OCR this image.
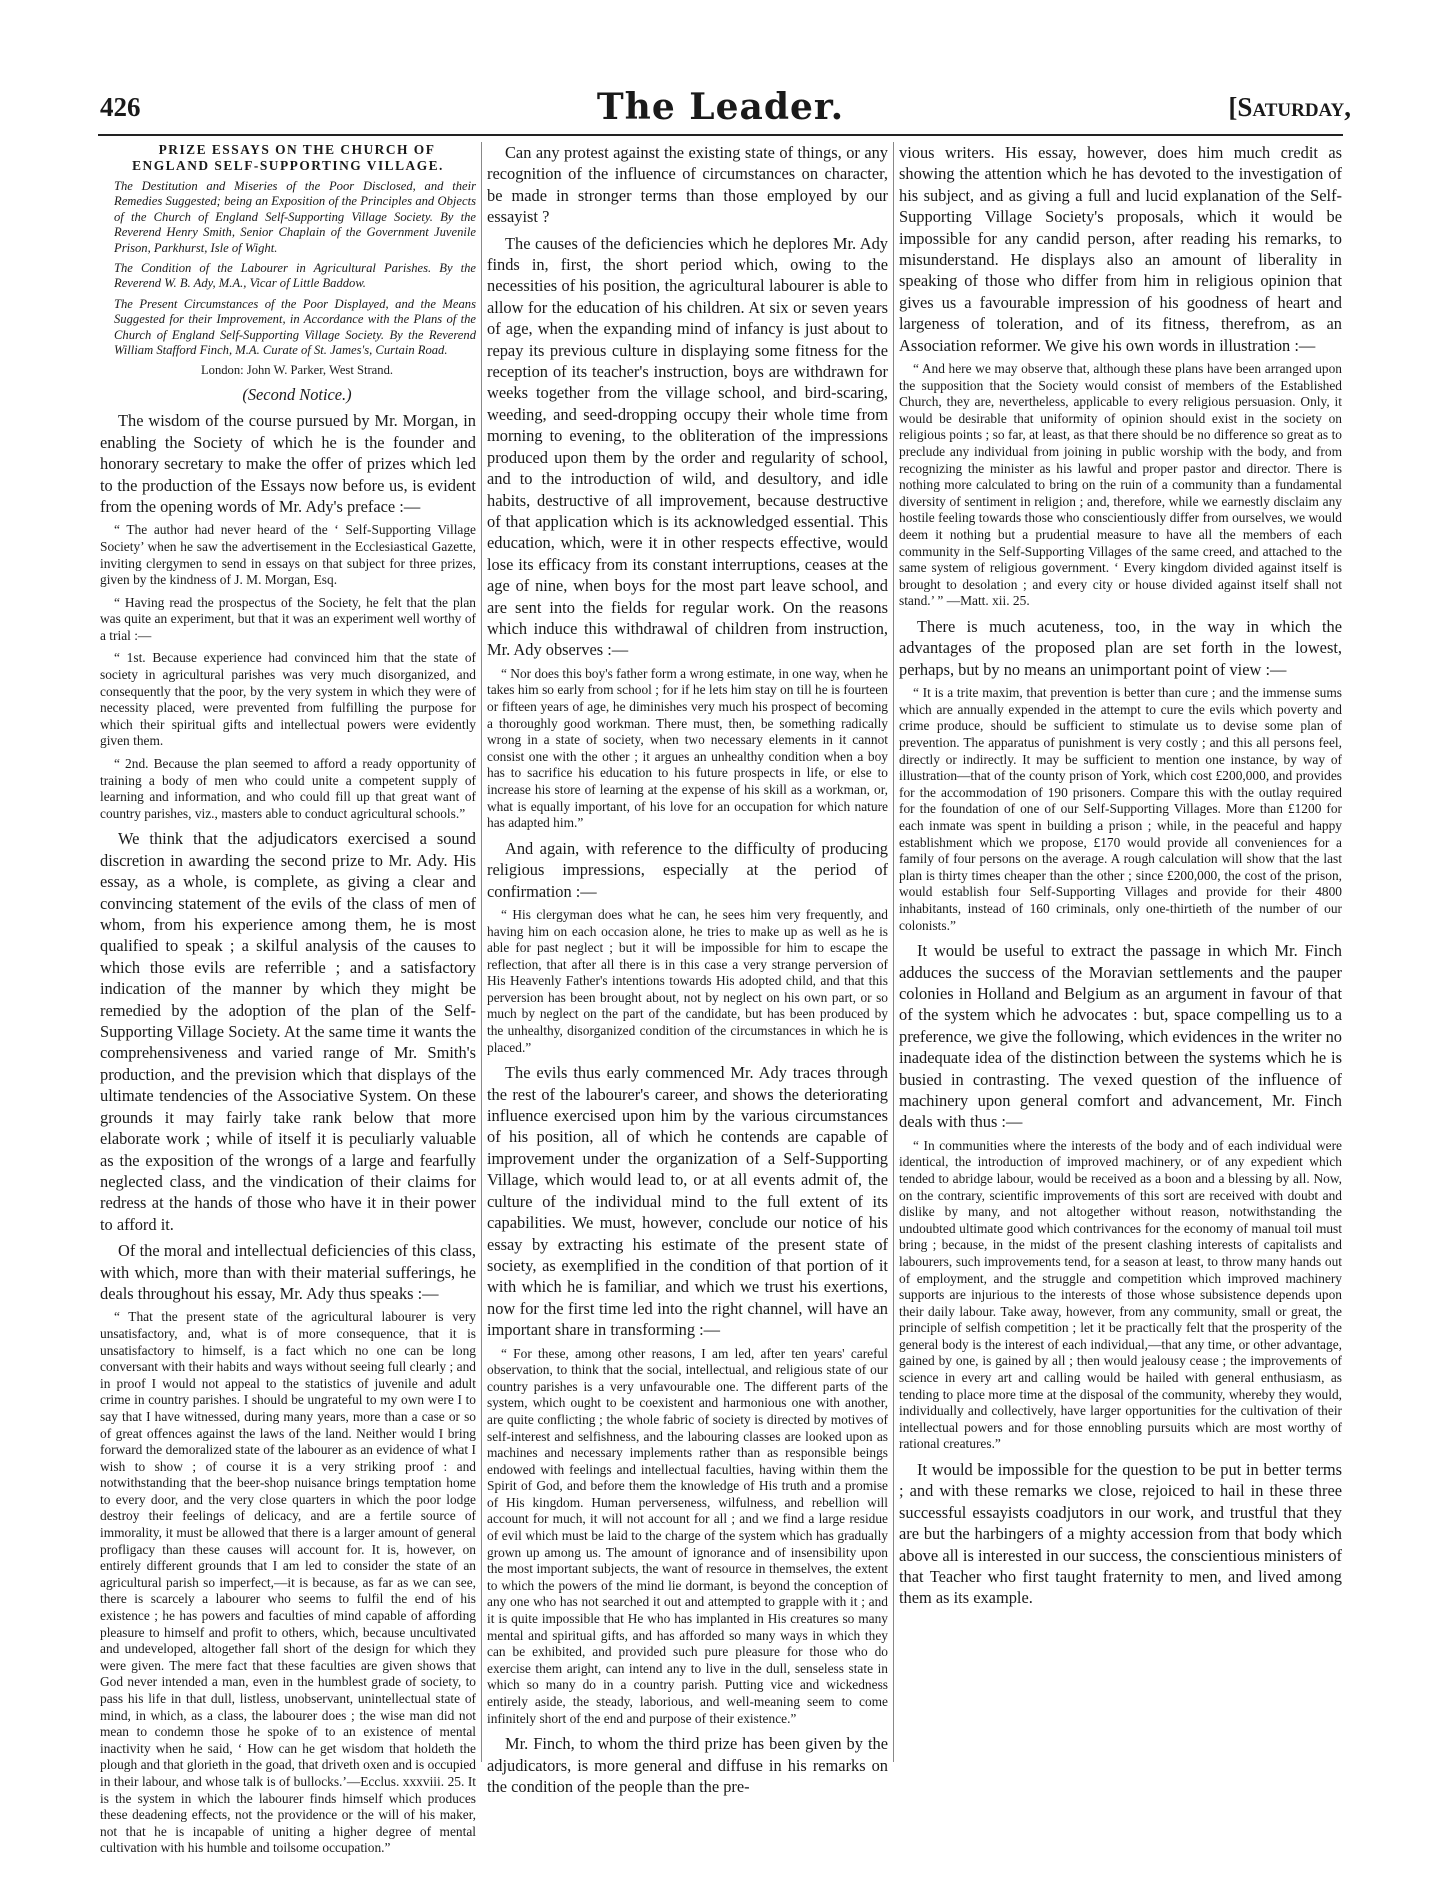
426	The Leader.	[Saturday,

PRIZE ESSAYS ON THE CHURCH OF ENGLAND SELF-SUPPORTING VILLAGE.

The Destitution and Miseries of the Poor Disclosed, and their Remedies Suggested; being an Exposition of the Principles and Objects of the Church of England Self-Supporting Village Society. By the Reverend Henry Smith, Senior Chaplain of the Government Juvenile Prison, Parkhurst, Isle of Wight.

The Condition of the Labourer in Agricultural Parishes. By the Reverend W. B. Ady, M.A., Vicar of Little Baddow.

The Present Circumstances of the Poor Displayed, and the Means Suggested for their Improvement, in Accordance with the Plans of the Church of England Self-Supporting Village Society. By the Reverend William Stafford Finch, M.A. Curate of St. James's, Curtain Road.

London: John W. Parker, West Strand.

(Second Notice.)

The wisdom of the course pursued by Mr. Morgan, in enabling the Society of which he is the founder and honorary secretary to make the offer of prizes which led to the production of the Essays now before us, is evident from the opening words of Mr. Ady's preface :—

“ The author had never heard of the ‘ Self-Supporting Village Society’ when he saw the advertisement in the Ecclesiastical Gazette, inviting clergymen to send in essays on that subject for three prizes, given by the kindness of J. M. Morgan, Esq.

“ Having read the prospectus of the Society, he felt that the plan was quite an experiment, but that it was an experiment well worthy of a trial :—

“ 1st. Because experience had convinced him that the state of society in agricultural parishes was very much disorganized, and consequently that the poor, by the very system in which they were of necessity placed, were prevented from fulfilling the purpose for which their spiritual gifts and intellectual powers were evidently given them.

“ 2nd. Because the plan seemed to afford a ready opportunity of training a body of men who could unite a competent supply of learning and information, and who could fill up that great want of country parishes, viz., masters able to conduct agricultural schools.”

We think that the adjudicators exercised a sound discretion in awarding the second prize to Mr. Ady. His essay, as a whole, is complete, as giving a clear and convincing statement of the evils of the class of men of whom, from his experience among them, he is most qualified to speak ; a skilful analysis of the causes to which those evils are referrible ; and a satisfactory indication of the manner by which they might be remedied by the adoption of the plan of the Self-Supporting Village Society. At the same time it wants the comprehensiveness and varied range of Mr. Smith's production, and the prevision which that displays of the ultimate tendencies of the Associative System. On these grounds it may fairly take rank below that more elaborate work ; while of itself it is peculiarly valuable as the exposition of the wrongs of a large and fearfully neglected class, and the vindication of their claims for redress at the hands of those who have it in their power to afford it.

Of the moral and intellectual deficiencies of this class, with which, more than with their material sufferings, he deals throughout his essay, Mr. Ady thus speaks :—

“ That the present state of the agricultural labourer is very unsatisfactory, and, what is of more consequence, that it is unsatisfactory to himself, is a fact which no one can be long conversant with their habits and ways without seeing full clearly ; and in proof I would not appeal to the statistics of juvenile and adult crime in country parishes. I should be ungrateful to my own were I to say that I have witnessed, during many years, more than a case or so of great offences against the laws of the land. Neither would I bring forward the demoralized state of the labourer as an evidence of what I wish to show ; of course it is a very striking proof : and notwithstanding that the beer-shop nuisance brings temptation home to every door, and the very close quarters in which the poor lodge destroy their feelings of delicacy, and are a fertile source of immorality, it must be allowed that there is a larger amount of general profligacy than these causes will account for. It is, however, on entirely different grounds that I am led to consider the state of an agricultural parish so imperfect,—it is because, as far as we can see, there is scarcely a labourer who seems to fulfil the end of his existence ; he has powers and faculties of mind capable of affording pleasure to himself and profit to others, which, because uncultivated and undeveloped, altogether fall short of the design for which they were given. The mere fact that these faculties are given shows that God never intended a man, even in the humblest grade of society, to pass his life in that dull, listless, unobservant, unintellectual state of mind, in which, as a class, the labourer does ; the wise man did not mean to condemn those he spoke of to an existence of mental inactivity when he said, ‘ How can he get wisdom that holdeth the plough and that glorieth in the goad, that driveth oxen and is occupied in their labour, and whose talk is of bullocks.’—Ecclus. xxxviii. 25. It is the system in which the labourer finds himself which produces these deadening effects, not the providence or the will of his maker, not that he is incapable of uniting a higher degree of mental cultivation with his humble and toilsome occupation.”

Can any protest against the existing state of things, or any recognition of the influence of circumstances on character, be made in stronger terms than those employed by our essayist ?

The causes of the deficiencies which he deplores Mr. Ady finds in, first, the short period which, owing to the necessities of his position, the agricultural labourer is able to allow for the education of his children. At six or seven years of age, when the expanding mind of infancy is just about to repay its previous culture in displaying some fitness for the reception of its teacher's instruction, boys are withdrawn for weeks together from the village school, and bird-scaring, weeding, and seed-dropping occupy their whole time from morning to evening, to the obliteration of the impressions produced upon them by the order and regularity of school, and to the introduction of wild, and desultory, and idle habits, destructive of all improvement, because destructive of that application which is its acknowledged essential. This education, which, were it in other respects effective, would lose its efficacy from its constant interruptions, ceases at the age of nine, when boys for the most part leave school, and are sent into the fields for regular work. On the reasons which induce this withdrawal of children from instruction, Mr. Ady observes :—

“ Nor does this boy's father form a wrong estimate, in one way, when he takes him so early from school ; for if he lets him stay on till he is fourteen or fifteen years of age, he diminishes very much his prospect of becoming a thoroughly good workman. There must, then, be something radically wrong in a state of society, when two necessary elements in it cannot consist one with the other ; it argues an unhealthy condition when a boy has to sacrifice his education to his future prospects in life, or else to increase his store of learning at the expense of his skill as a workman, or, what is equally important, of his love for an occupation for which nature has adapted him.”

And again, with reference to the difficulty of producing religious impressions, especially at the period of confirmation :—

“ His clergyman does what he can, he sees him very frequently, and having him on each occasion alone, he tries to make up as well as he is able for past neglect ; but it will be impossible for him to escape the reflection, that after all there is in this case a very strange perversion of His Heavenly Father's intentions towards His adopted child, and that this perversion has been brought about, not by neglect on his own part, or so much by neglect on the part of the candidate, but has been produced by the unhealthy, disorganized condition of the circumstances in which he is placed.”

The evils thus early commenced Mr. Ady traces through the rest of the labourer's career, and shows the deteriorating influence exercised upon him by the various circumstances of his position, all of which he contends are capable of improvement under the organization of a Self-Supporting Village, which would lead to, or at all events admit of, the culture of the individual mind to the full extent of its capabilities. We must, however, conclude our notice of his essay by extracting his estimate of the present state of society, as exemplified in the condition of that portion of it with which he is familiar, and which we trust his exertions, now for the first time led into the right channel, will have an important share in transforming :—

“ For these, among other reasons, I am led, after ten years' careful observation, to think that the social, intellectual, and religious state of our country parishes is a very unfavourable one. The different parts of the system, which ought to be coexistent and harmonious one with another, are quite conflicting ; the whole fabric of society is directed by motives of self-interest and selfishness, and the labouring classes are looked upon as machines and necessary implements rather than as responsible beings endowed with feelings and intellectual faculties, having within them the Spirit of God, and before them the knowledge of His truth and a promise of His kingdom. Human perverseness, wilfulness, and rebellion will account for much, it will not account for all ; and we find a large residue of evil which must be laid to the charge of the system which has gradually grown up among us. The amount of ignorance and of insensibility upon the most important subjects, the want of resource in themselves, the extent to which the powers of the mind lie dormant, is beyond the conception of any one who has not searched it out and attempted to grapple with it ; and it is quite impossible that He who has implanted in His creatures so many mental and spiritual gifts, and has afforded so many ways in which they can be exhibited, and provided such pure pleasure for those who do exercise them aright, can intend any to live in the dull, senseless state in which so many do in a country parish. Putting vice and wickedness entirely aside, the steady, laborious, and well-meaning seem to come infinitely short of the end and purpose of their existence.”

Mr. Finch, to whom the third prize has been given by the adjudicators, is more general and diffuse in his remarks on the condition of the people than the pre-

vious writers. His essay, however, does him much credit as showing the attention which he has devoted to the investigation of his subject, and as giving a full and lucid explanation of the Self-Supporting Village Society's proposals, which it would be impossible for any candid person, after reading his remarks, to misunderstand. He displays also an amount of liberality in speaking of those who differ from him in religious opinion that gives us a favourable impression of his goodness of heart and largeness of toleration, and of its fitness, therefrom, as an Association reformer. We give his own words in illustration :—

“ And here we may observe that, although these plans have been arranged upon the supposition that the Society would consist of members of the Established Church, they are, nevertheless, applicable to every religious persuasion. Only, it would be desirable that uniformity of opinion should exist in the society on religious points ; so far, at least, as that there should be no difference so great as to preclude any individual from joining in public worship with the body, and from recognizing the minister as his lawful and proper pastor and director. There is nothing more calculated to bring on the ruin of a community than a fundamental diversity of sentiment in religion ; and, therefore, while we earnestly disclaim any hostile feeling towards those who conscientiously differ from ourselves, we would deem it nothing but a prudential measure to have all the members of each community in the Self-Supporting Villages of the same creed, and attached to the same system of religious government. ‘ Every kingdom divided against itself is brought to desolation ; and every city or house divided against itself shall not stand.’ ” —Matt. xii. 25.

There is much acuteness, too, in the way in which the advantages of the proposed plan are set forth in the lowest, perhaps, but by no means an unimportant point of view :—

“ It is a trite maxim, that prevention is better than cure ; and the immense sums which are annually expended in the attempt to cure the evils which poverty and crime produce, should be sufficient to stimulate us to devise some plan of prevention. The apparatus of punishment is very costly ; and this all persons feel, directly or indirectly. It may be sufficient to mention one instance, by way of illustration—that of the county prison of York, which cost £200,000, and provides for the accommodation of 190 prisoners. Compare this with the outlay required for the foundation of one of our Self-Supporting Villages. More than £1200 for each inmate was spent in building a prison ; while, in the peaceful and happy establishment which we propose, £170 would provide all conveniences for a family of four persons on the average. A rough calculation will show that the last plan is thirty times cheaper than the other ; since £200,000, the cost of the prison, would establish four Self-Supporting Villages and provide for their 4800 inhabitants, instead of 160 criminals, only one-thirtieth of the number of our colonists.”

It would be useful to extract the passage in which Mr. Finch adduces the success of the Moravian settlements and the pauper colonies in Holland and Belgium as an argument in favour of that of the system which he advocates : but, space compelling us to a preference, we give the following, which evidences in the writer no inadequate idea of the distinction between the systems which he is busied in contrasting. The vexed question of the influence of machinery upon general comfort and advancement, Mr. Finch deals with thus :—

“ In communities where the interests of the body and of each individual were identical, the introduction of improved machinery, or of any expedient which tended to abridge labour, would be received as a boon and a blessing by all. Now, on the contrary, scientific improvements of this sort are received with doubt and dislike by many, and not altogether without reason, notwithstanding the undoubted ultimate good which contrivances for the economy of manual toil must bring ; because, in the midst of the present clashing interests of capitalists and labourers, such improvements tend, for a season at least, to throw many hands out of employment, and the struggle and competition which improved machinery supports are injurious to the interests of those whose subsistence depends upon their daily labour. Take away, however, from any community, small or great, the principle of selfish competition ; let it be practically felt that the prosperity of the general body is the interest of each individual,—that any time, or other advantage, gained by one, is gained by all ; then would jealousy cease ; the improvements of science in every art and calling would be hailed with general enthusiasm, as tending to place more time at the disposal of the community, whereby they would, individually and collectively, have larger opportunities for the cultivation of their intellectual powers and for those ennobling pursuits which are most worthy of rational creatures.”

It would be impossible for the question to be put in better terms ; and with these remarks we close, rejoiced to hail in these three successful essayists coadjutors in our work, and trustful that they are but the harbingers of a mighty accession from that body which above all is interested in our success, the conscientious ministers of that Teacher who first taught fraternity to men, and lived among them as its example.
